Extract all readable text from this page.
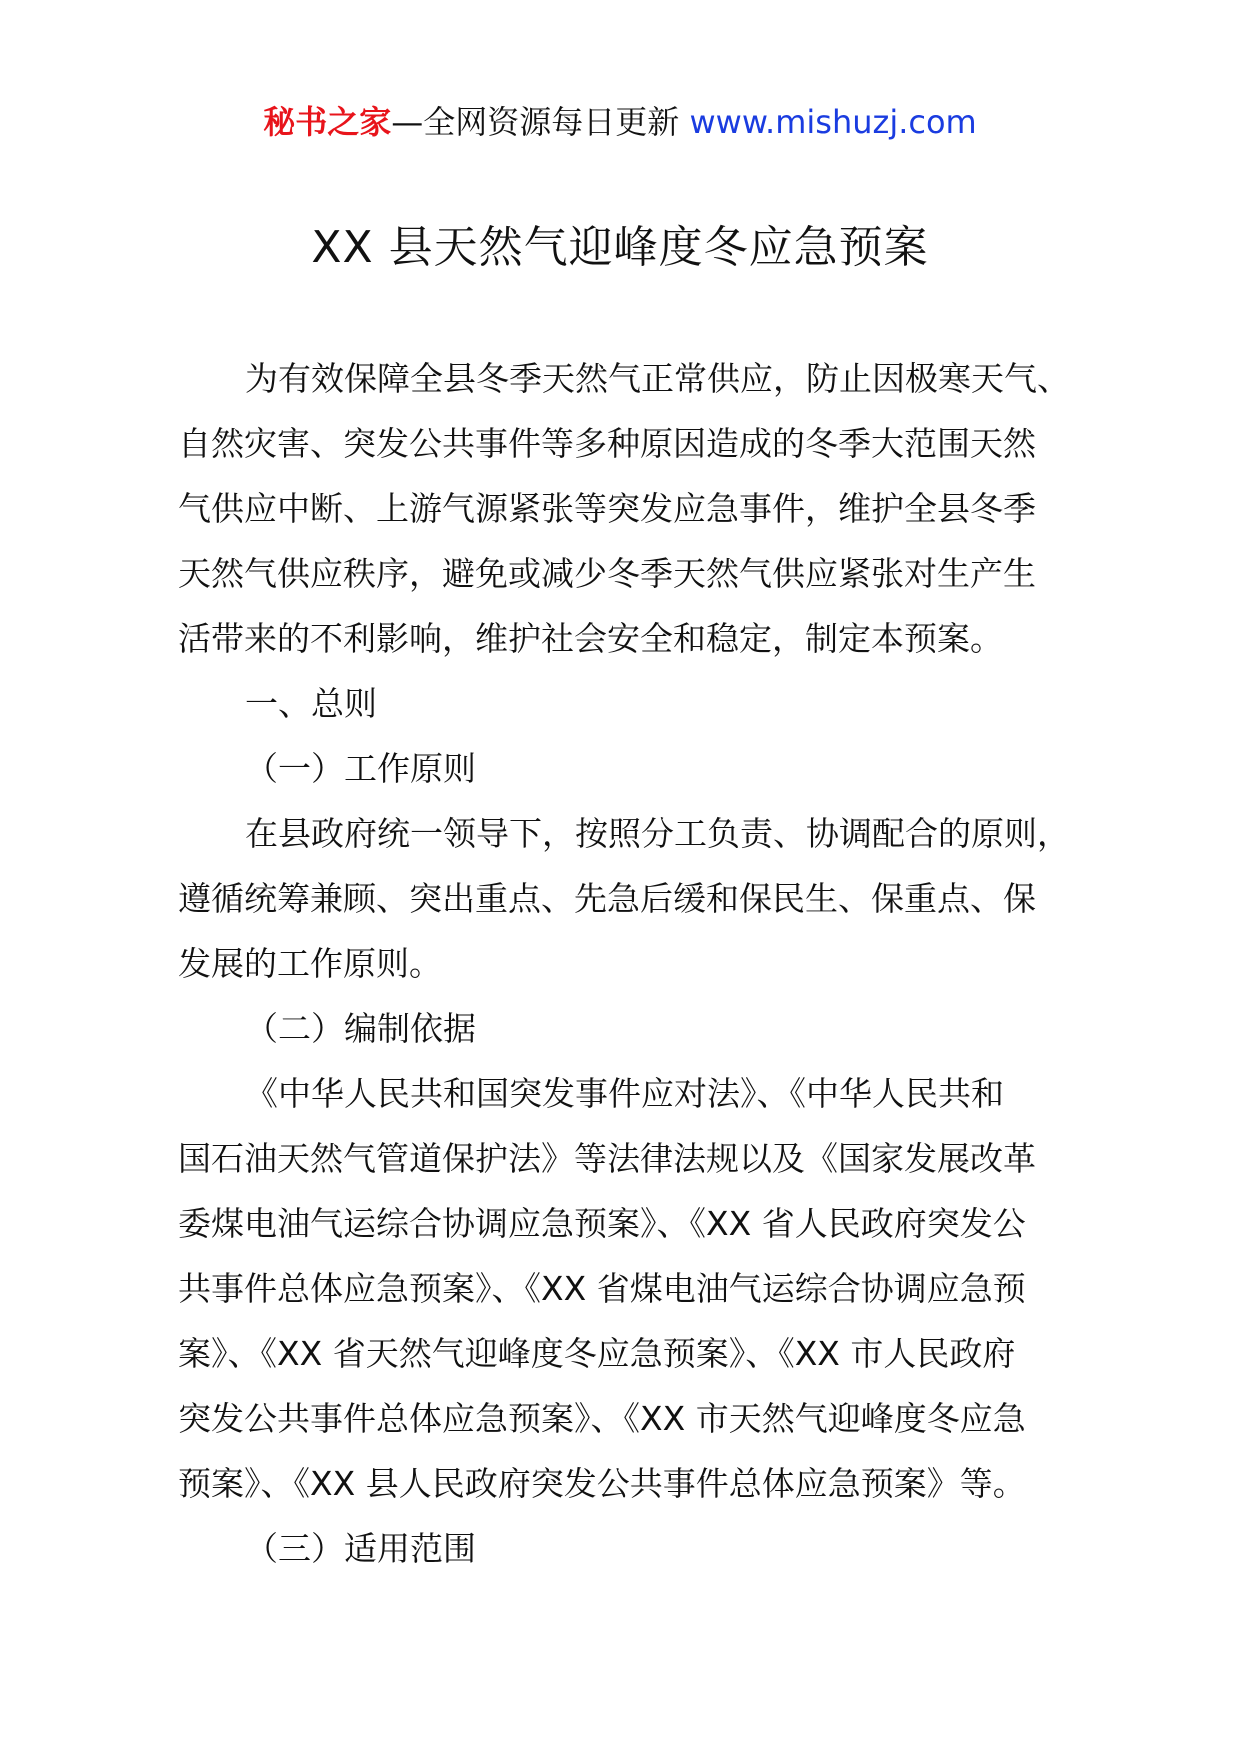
秘书之家—全网资源每日更新 www.mishuzj.com
XX 县天然气迎峰度冬应急预案
为有效保障全县冬季天然气正常供应，防止因极寒天气、
自然灾害、突发公共事件等多种原因造成的冬季大范围天然
气供应中断、上游气源紧张等突发应急事件，维护全县冬季
天然气供应秩序，避免或减少冬季天然气供应紧张对生产生
活带来的不利影响，维护社会安全和稳定，制定本预案。
一、总则
（一）工作原则
在县政府统一领导下，按照分工负责、协调配合的原则，
遵循统筹兼顾、突出重点、先急后缓和保民生、保重点、保
发展的工作原则。
（二）编制依据
《中华人民共和国突发事件应对法》、《中华人民共和
国石油天然气管道保护法》等法律法规以及《国家发展改革
委煤电油气运综合协调应急预案》、《XX 省人民政府突发公
共事件总体应急预案》、《XX 省煤电油气运综合协调应急预
案》、《XX 省天然气迎峰度冬应急预案》、《XX 市人民政府
突发公共事件总体应急预案》、《XX 市天然气迎峰度冬应急
预案》、《XX 县人民政府突发公共事件总体应急预案》等。
（三）适用范围
